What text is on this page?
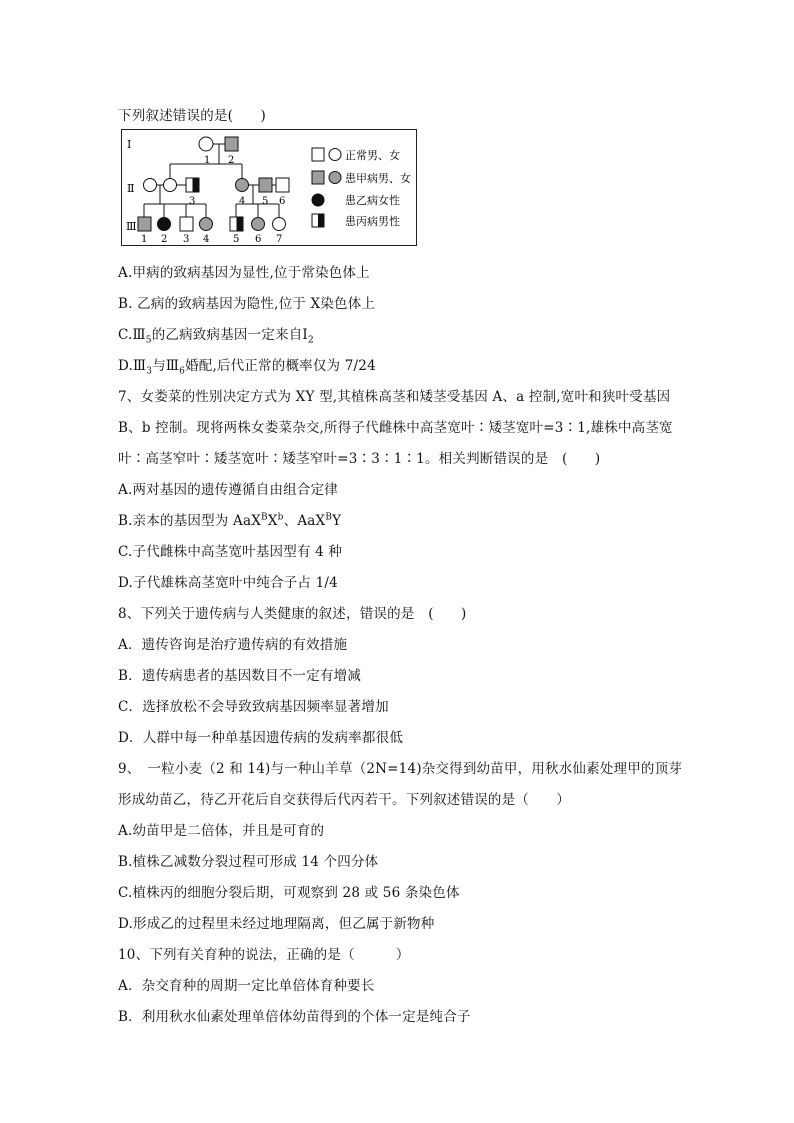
下列叙述错误的是(　　)
Ⅰ
Ⅱ
Ⅲ
1 2
3	4 5 6
1 2 3 4 5 6 7
正常男、女
患甲病男、女
患乙病女性
患丙病男性
A.甲病的致病基因为显性,位于常染色体上
B. 乙病的致病基因为隐性,位于 X染色体上
$C.Ⅲ_5$的乙病致病基因一定来自$Ⅰ_2$
$D.Ⅲ_3$与$Ⅲ_6$婚配,后代正常的概率仅为 7/24
7、女娄菜的性别决定方式为 XY 型,其植株高茎和矮茎受基因 A、a 控制,宽叶和狭叶受基因
B、b 控制。现将两株女娄菜杂交,所得子代雌株中高茎宽叶∶矮茎宽叶=3∶1,雄株中高茎宽
叶∶高茎窄叶∶矮茎宽叶∶矮茎窄叶=3∶3∶1∶1。相关判断错误的是　(　　)
A.两对基因的遗传遵循自由组合定律
B.亲本的基因型为 $AaX^BX^b$、AaX$^B$Y
C.子代雌株中高茎宽叶基因型有 4 种
D.子代雄株高茎宽叶中纯合子占 1/4
8、下列关于遗传病与人类健康的叙述，错误的是　(　　)
A．遗传咨询是治疗遗传病的有效措施
B．遗传病患者的基因数目不一定有增减
C．选择放松不会导致致病基因频率显著增加
D．人群中每一种单基因遗传病的发病率都很低
9、　一粒小麦（2 和 14)与一种山羊草（2N=14)杂交得到幼苗甲，用秋水仙素处理甲的顶芽
形成幼苗乙，待乙开花后自交获得后代丙若干。下列叙述错误的是（　　）
A.幼苗甲是二倍体，并且是可育的
B.植株乙减数分裂过程可形成 14 个四分体
C.植株丙的细胞分裂后期，可观察到 28 或 56 条染色体
D.形成乙的过程里未经过地理隔离，但乙属于新物种
10、下列有关育种的说法，正确的是（　　　）
A．杂交育种的周期一定比单倍体育种要长
B．利用秋水仙素处理单倍体幼苗得到的个体一定是纯合子
